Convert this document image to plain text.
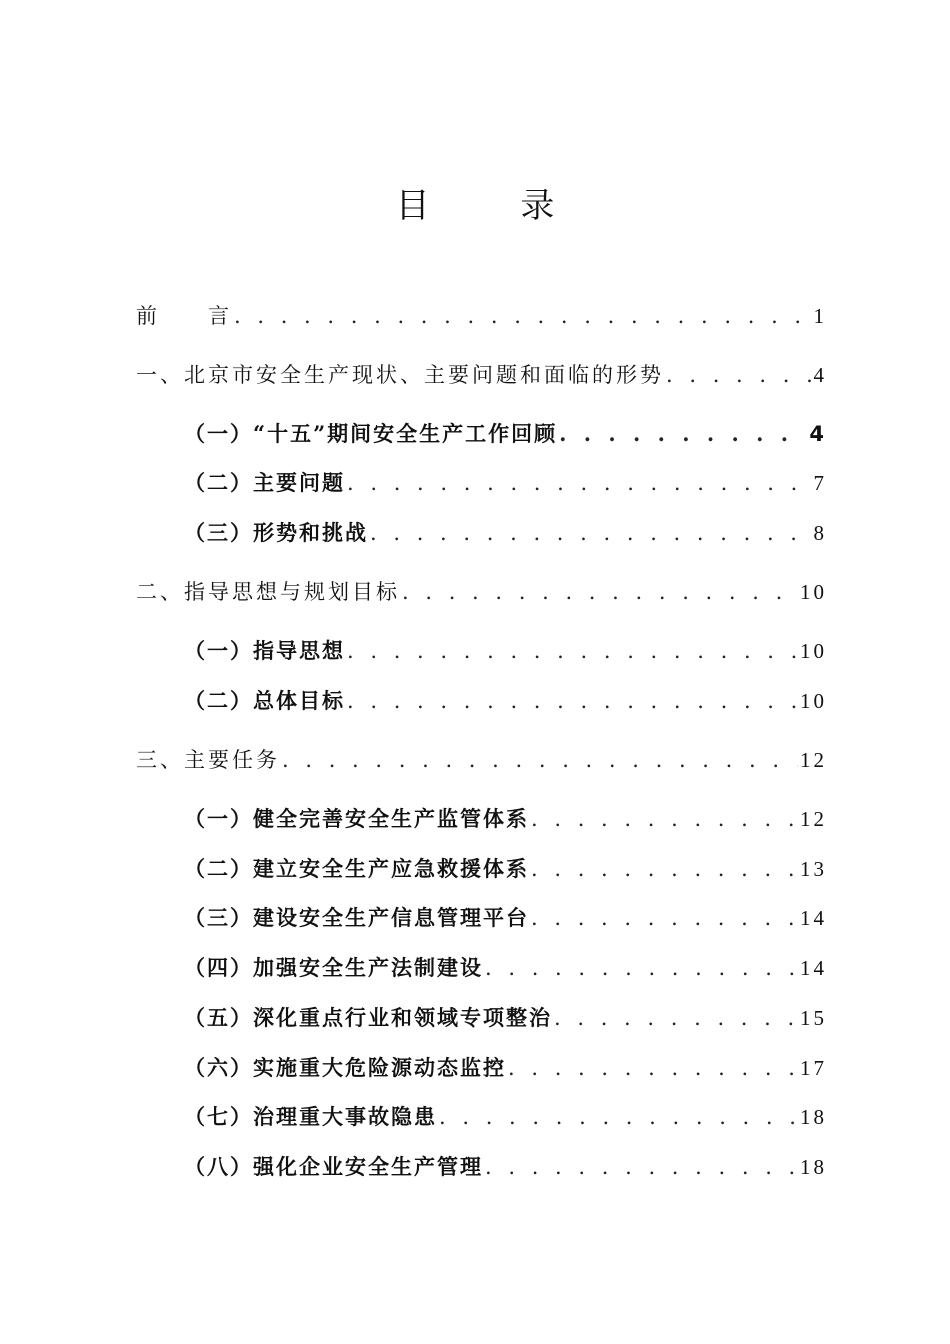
目 录
前　　言 . . .	1
一、北京市安全生产现状、主要问题和面临的形势 . . .	4
（一）“十五”期间安全生产工作回顾 . . .	4
（二）主要问题 . . .	7
（三）形势和挑战 . . .	8
二、指导思想与规划目标 . . .	10
（一）指导思想 . . .	10
（二）总体目标 . . .	10
三、主要任务 . . .	12
（一）健全完善安全生产监管体系 . . .	12
（二）建立安全生产应急救援体系 . . .	13
（三）建设安全生产信息管理平台 . . .	14
（四）加强安全生产法制建设 . . .	14
（五）深化重点行业和领域专项整治 . . .	15
（六）实施重大危险源动态监控 . . .	17
（七）治理重大事故隐患 . . .	18
（八）强化企业安全生产管理 . . .	18
